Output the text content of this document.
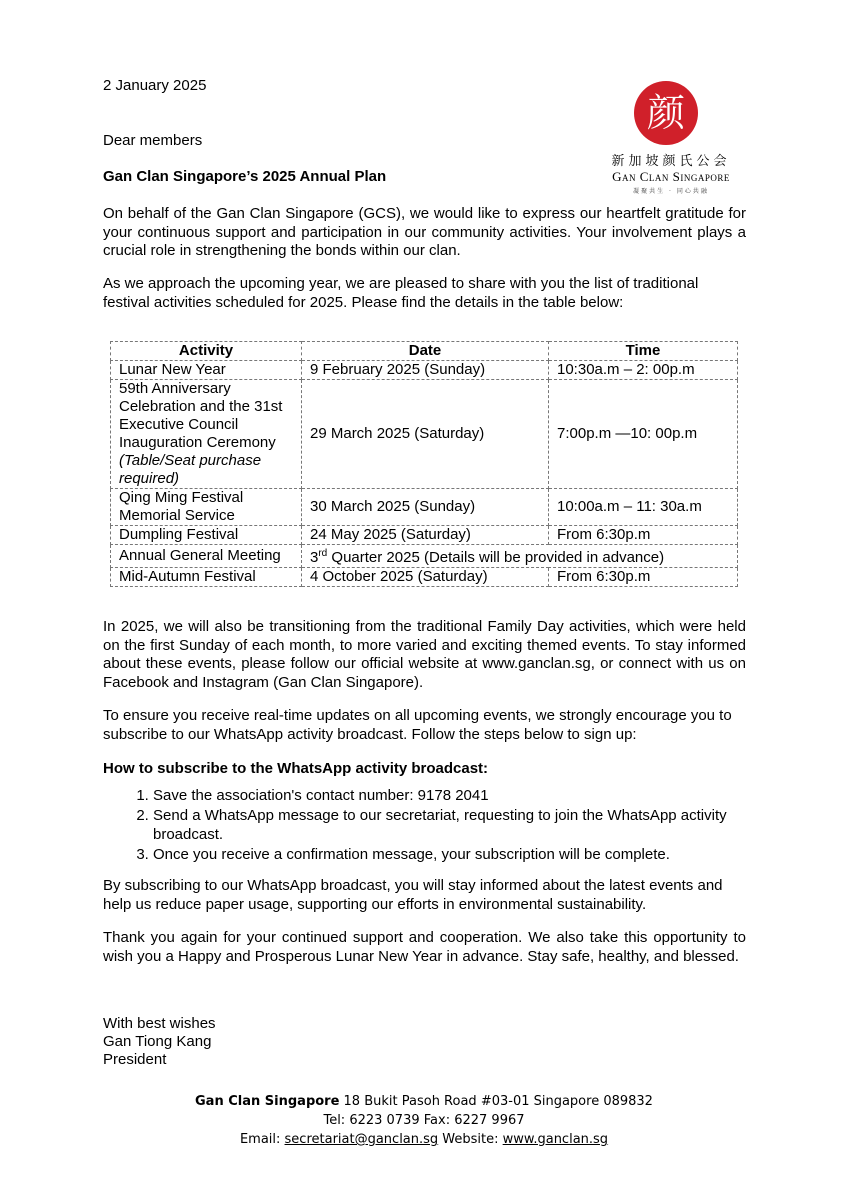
颜
新加坡颜氏公会
Gan Clan Singapore
凝聚共生 · 同心共融

2 January 2025

Dear members

Gan Clan Singapore’s 2025 Annual Plan

On behalf of the Gan Clan Singapore (GCS), we would like to express our heartfelt gratitude for your continuous support and participation in our community activities. Your involvement plays a crucial role in strengthening the bonds within our clan.

As we approach the upcoming year, we are pleased to share with you the list of traditional festival activities scheduled for 2025. Please find the details in the table below:

Activity	Date	Time
Lunar New Year	9 February 2025 (Sunday)	10:30a.m – 2: 00p.m
59th Anniversary Celebration and the 31st Executive Council Inauguration Ceremony (Table/Seat purchase required)	29 March 2025 (Saturday)	7:00p.m —10: 00p.m
Qing Ming Festival Memorial Service	30 March 2025 (Sunday)	10:00a.m – 11: 30a.m
Dumpling Festival	24 May 2025 (Saturday)	From 6:30p.m
Annual General Meeting	3rd Quarter 2025 (Details will be provided in advance)	
Mid-Autumn Festival	4 October 2025 (Saturday)	From 6:30p.m

In 2025, we will also be transitioning from the traditional Family Day activities, which were held on the first Sunday of each month, to more varied and exciting themed events. To stay informed about these events, please follow our official website at www.ganclan.sg, or connect with us on Facebook and Instagram (Gan Clan Singapore).

To ensure you receive real-time updates on all upcoming events, we strongly encourage you to subscribe to our WhatsApp activity broadcast. Follow the steps below to sign up:

How to subscribe to the WhatsApp activity broadcast:

1. Save the association's contact number: 9178 2041
2. Send a WhatsApp message to our secretariat, requesting to join the WhatsApp activity broadcast.
3. Once you receive a confirmation message, your subscription will be complete.

By subscribing to our WhatsApp broadcast, you will stay informed about the latest events and help us reduce paper usage, supporting our efforts in environmental sustainability.

Thank you again for your continued support and cooperation. We also take this opportunity to wish you a Happy and Prosperous Lunar New Year in advance. Stay safe, healthy, and blessed.

With best wishes

Gan Tiong Kang

President

Gan Clan Singapore 18 Bukit Pasoh Road #03-01 Singapore 089832
Tel: 6223 0739 Fax: 6227 9967
Email: secretariat@ganclan.sg Website: www.ganclan.sg
